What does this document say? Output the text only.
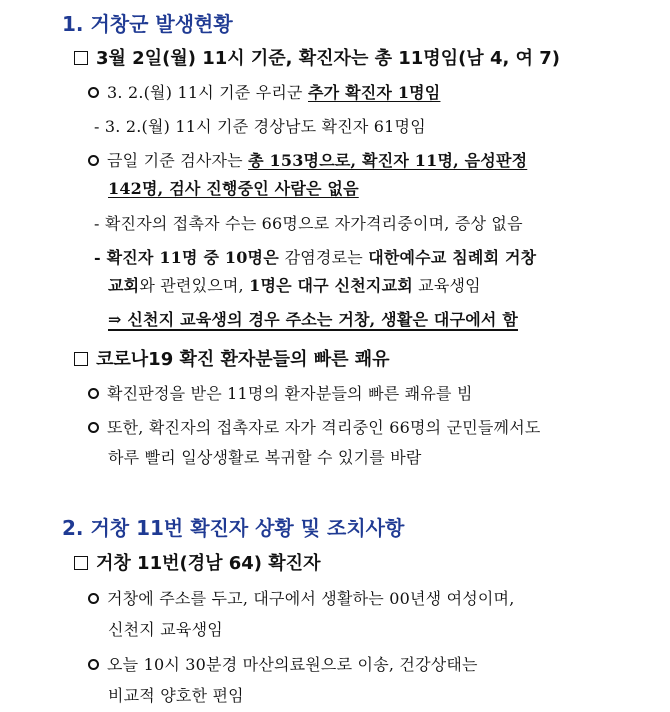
1. 거창군 발생현황
3월 2일(월) 11시 기준, 확진자는 총 11명임(남 4, 여 7)
3. 2.(월) 11시 기준 우리군 추가 확진자 1명임
- 3. 2.(월) 11시 기준 경상남도 확진자 61명임
금일 기준 검사자는 총 153명으로, 확진자 11명, 음성판정
142명, 검사 진행중인 사람은 없음
- 확진자의 접촉자 수는 66명으로 자가격리중이며, 증상 없음
- 확진자 11명 중 10명은 감염경로는 대한예수교 침례회 거창
교회와 관련있으며, 1명은 대구 신천지교회 교육생임
⇒ 신천지 교육생의 경우 주소는 거창, 생활은 대구에서 함
코로나19 확진 환자분들의 빠른 쾌유
확진판정을 받은 11명의 환자분들의 빠른 쾌유를 빔
또한, 확진자의 접촉자로 자가 격리중인 66명의 군민들께서도
하루 빨리 일상생활로 복귀할 수 있기를 바람
2. 거창 11번 확진자 상황 및 조치사항
거창 11번(경남 64) 확진자
거창에 주소를 두고, 대구에서 생활하는 00년생 여성이며,
신천지 교육생임
오늘 10시 30분경 마산의료원으로 이송, 건강상태는
비교적 양호한 편임
